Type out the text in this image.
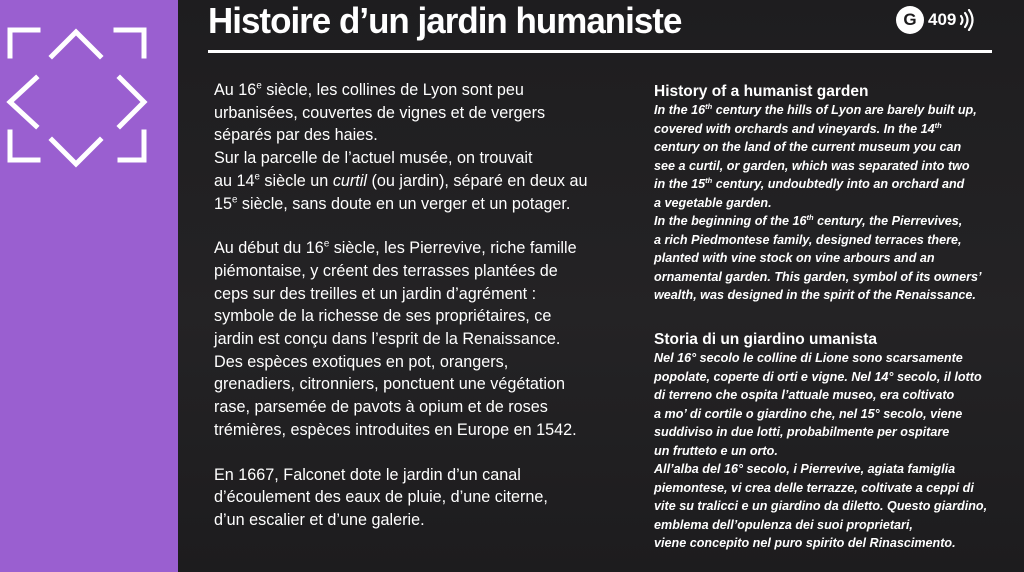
Histoire d’un jardin humaniste	G 409
Au 16e siècle, les collines de Lyon sont peu
urbanisées, couvertes de vignes et de vergers
séparés par des haies.
Sur la parcelle de l’actuel musée, on trouvait
au 14e siècle un curtil (ou jardin), séparé en deux au
15e siècle, sans doute en un verger et un potager.
Au début du 16e siècle, les Pierrevive, riche famille
piémontaise, y créent des terrasses plantées de
ceps sur des treilles et un jardin d’agrément :
symbole de la richesse de ses propriétaires, ce
jardin est conçu dans l’esprit de la Renaissance.
Des espèces exotiques en pot, orangers,
grenadiers, citronniers, ponctuent une végétation
rase, parsemée de pavots à opium et de roses
trémières, espèces introduites en Europe en 1542.
En 1667, Falconet dote le jardin d’un canal
d’écoulement des eaux de pluie, d’une citerne,
d’un escalier et d’une galerie.
History of a humanist garden
In the 16th century the hills of Lyon are barely built up,
covered with orchards and vineyards. In the 14th
century on the land of the current museum you can
see a curtil, or garden, which was separated into two
in the 15th century, undoubtedly into an orchard and
a vegetable garden.
In the beginning of the 16th century, the Pierrevives,
a rich Piedmontese family, designed terraces there,
planted with vine stock on vine arbours and an
ornamental garden. This garden, symbol of its owners’
wealth, was designed in the spirit of the Renaissance.
Storia di un giardino umanista
Nel 16° secolo le colline di Lione sono scarsamente
popolate, coperte di orti e vigne. Nel 14° secolo, il lotto
di terreno che ospita l’attuale museo, era coltivato
a mo’ di cortile o giardino che, nel 15° secolo, viene
suddiviso in due lotti, probabilmente per ospitare
un frutteto e un orto.
All’alba del 16° secolo, i Pierrevive, agiata famiglia
piemontese, vi crea delle terrazze, coltivate a ceppi di
vite su tralicci e un giardino da diletto. Questo giardino,
emblema dell’opulenza dei suoi proprietari,
viene concepito nel puro spirito del Rinascimento.
